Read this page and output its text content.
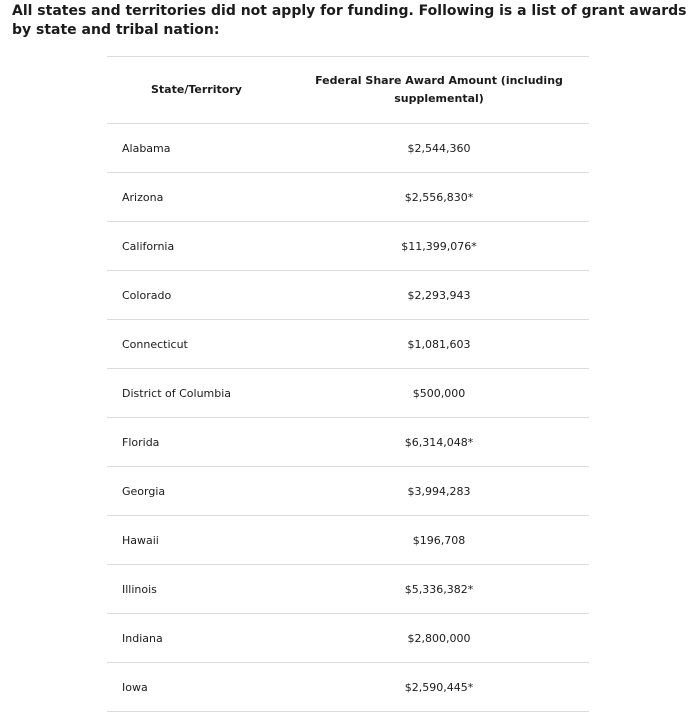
All states and territories did not apply for funding. Following is a list of grant awards by state and tribal nation:

State/Territory	Federal Share Award Amount (including supplemental)
Alabama	$2,544,360
Arizona	$2,556,830*
California	$11,399,076*
Colorado	$2,293,943
Connecticut	$1,081,603
District of Columbia	$500,000
Florida	$6,314,048*
Georgia	$3,994,283
Hawaii	$196,708
Illinois	$5,336,382*
Indiana	$2,800,000
Iowa	$2,590,445*
